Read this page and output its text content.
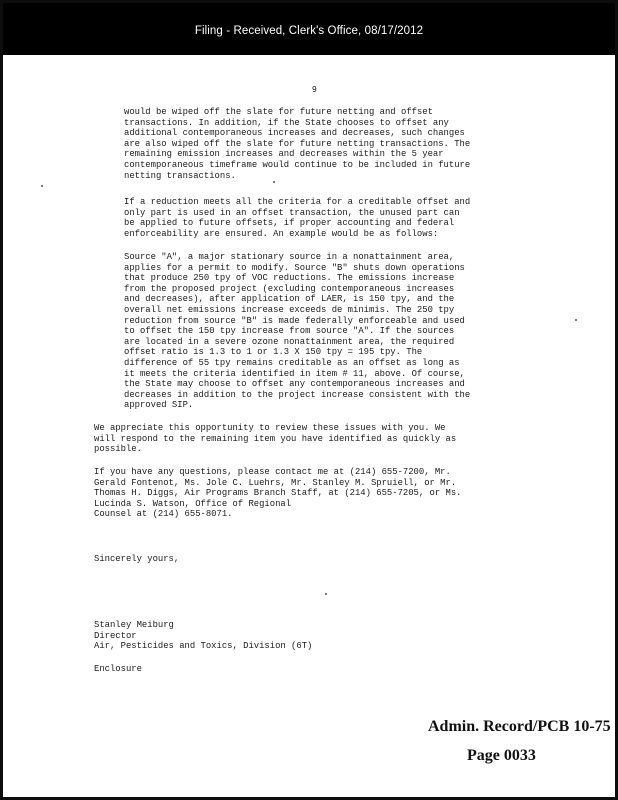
Filing - Received, Clerk's Office, 08/17/2012
9
would be wiped off the slate for future netting and offset
transactions. In addition, if the State chooses to offset any
additional contemporaneous increases and decreases, such changes
are also wiped off the slate for future netting transactions. The
remaining emission increases and decreases within the 5 year
contemporaneous timeframe would continue to be included in future
netting transactions.
If a reduction meets all the criteria for a creditable offset and
only part is used in an offset transaction, the unused part can
be applied to future offsets, if proper accounting and federal
enforceability are ensured. An example would be as follows:
Source "A", a major stationary source in a nonattainment area,
applies for a permit to modify. Source "B" shuts down operations
that produce 250 tpy of VOC reductions. The emissions increase
from the proposed project (excluding contemporaneous increases
and decreases), after application of LAER, is 150 tpy, and the
overall net emissions increase exceeds de minimis. The 250 tpy
reduction from source "B" is made federally enforceable and used
to offset the 150 tpy increase from source "A". If the sources
are located in a severe ozone nonattainment area, the required
offset ratio is 1.3 to 1 or 1.3 X 150 tpy = 195 tpy. The
difference of 55 tpy remains creditable as an offset as long as
it meets the criteria identified in item # 11, above. Of course,
the State may choose to offset any contemporaneous increases and
decreases in addition to the project increase consistent with the
approved SIP.
We appreciate this opportunity to review these issues with you. We
will respond to the remaining item you have identified as quickly as
possible.
If you have any questions, please contact me at (214) 655-7200, Mr.
Gerald Fontenot, Ms. Jole C. Luehrs, Mr. Stanley M. Spruiell, or Mr.
Thomas H. Diggs, Air Programs Branch Staff, at (214) 655-7205, or Ms.
Lucinda S. Watson, Office of Regional
Counsel at (214) 655-8071.
Sincerely yours,
Stanley Meiburg
Director
Air, Pesticides and Toxics, Division (6T)
Enclosure
Admin. Record/PCB 10-75
Page 0033
